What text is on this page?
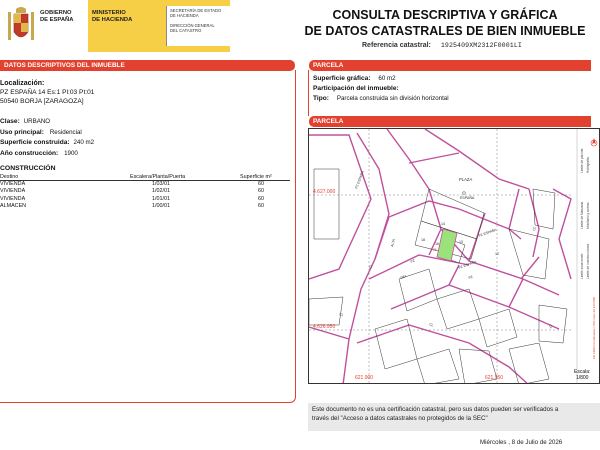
GOBIERNO
DE ESPAÑA
MINISTERIO
DE HACIENDA
SECRETARÍA DE ESTADO
DE HACIENDA
DIRECCIÓN GENERAL
DEL CATASTRO
CONSULTA DESCRIPTIVA Y GRÁFICA
DE DATOS CATASTRALES DE BIEN INMUEBLE
Referencia catastral: 1925409XM2312F0001LI
DATOS DESCRIPTIVOS DEL INMUEBLE
Localización:
PZ ESPAÑA 14 Es:1 Pl:03 Pt:01
50540 BORJA [ZARAGOZA]
Clase: URBANO
Uso principal: Residencial
Superficie construida: 240 m2
Año construcción: 1900
CONSTRUCCIÓN
Destino	Escalera/Planta/Puerta	Superficie m²
VIVIENDA	1/03/01	60
VIVIENDA	1/02/01	60
VIVIENDA	1/01/01	60
ALMACEN	1/00/01	60
PARCELA
Superficie gráfica: 60 m2
Participación del inmueble:
Tipo: Parcela construida sin división horizontal
PARCELA
PLAZA
ESPAÑA
4.627.000
4.626.950
621.900	621.950
14
18
16	13
12
25
PZ ESPAÑA
ALTA
CL
PZ
CL
CL
CL
CL
DEL	PZ
PZ ESPAÑA
PZ ESPAÑA
Límite de parcela Hidrografía
Límite de Manzana Mobiliario y aceras
Límite zona verde Límite de construcciones
ED 1989 Coordenadas UTM Huso 30 ETRS89
Escala:
1/800
Este documento no es una certificación catastral, pero sus datos pueden ser verificados a
través del "Acceso a datos catastrales no protegidos de la SEC"
Miércoles , 8 de Julio de 2026
